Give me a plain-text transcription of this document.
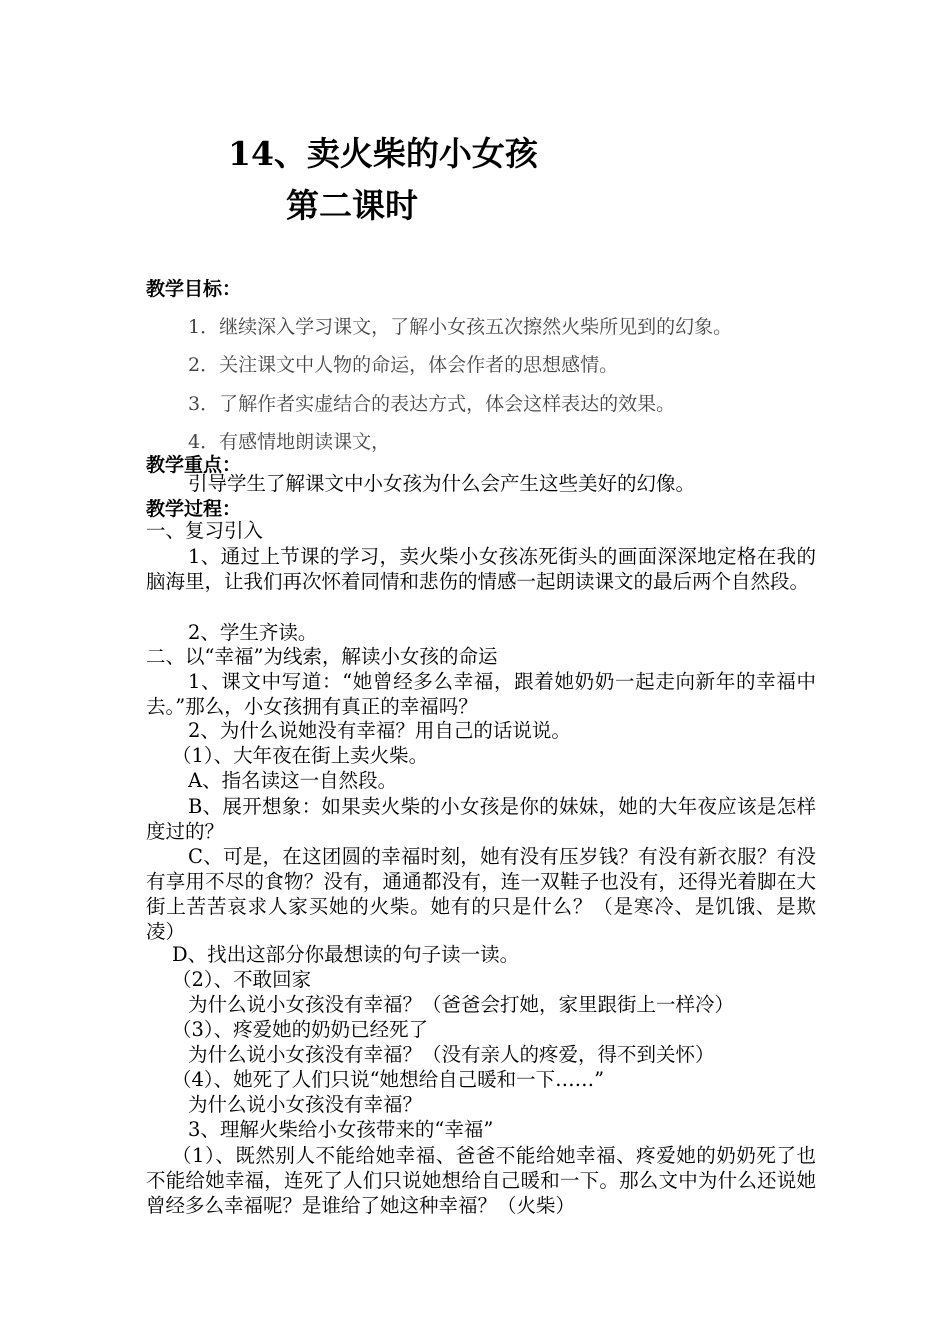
14、卖火柴的小女孩
第二课时
教学目标：
1．继续深入学习课文，了解小女孩五次擦然火柴所见到的幻象。
2．关注课文中人物的命运，体会作者的思想感情。
3．了解作者实虚结合的表达方式，体会这样表达的效果。
4．有感情地朗读课文，
教学重点：
引导学生了解课文中小女孩为什么会产生这些美好的幻像。
教学过程：
一、复习引入
1、通过上节课的学习，卖火柴小女孩冻死街头的画面深深地定格在我的脑海里，让我们再次怀着同情和悲伤的情感一起朗读课文的最后两个自然段。
2、学生齐读。
二、以“幸福”为线索，解读小女孩的命运
1、课文中写道：“她曾经多么幸福，跟着她奶奶一起走向新年的幸福中去。”那么，小女孩拥有真正的幸福吗？
2、为什么说她没有幸福？用自己的话说说。
（1）、大年夜在街上卖火柴。
A、指名读这一自然段。
B、展开想象：如果卖火柴的小女孩是你的妹妹，她的大年夜应该是怎样度过的？
C、可是，在这团圆的幸福时刻，她有没有压岁钱？有没有新衣服？有没有享用不尽的食物？没有，通通都没有，连一双鞋子也没有，还得光着脚在大街上苦苦哀求人家买她的火柴。她有的只是什么？（是寒冷、是饥饿、是欺凌）
D、找出这部分你最想读的句子读一读。
（2）、不敢回家
为什么说小女孩没有幸福？（爸爸会打她，家里跟街上一样冷）
（3）、疼爱她的奶奶已经死了
为什么说小女孩没有幸福？（没有亲人的疼爱，得不到关怀）
（4）、她死了人们只说“她想给自己暖和一下……”
为什么说小女孩没有幸福？
3、理解火柴给小女孩带来的“幸福”
（1）、既然别人不能给她幸福、爸爸不能给她幸福、疼爱她的奶奶死了也不能给她幸福，连死了人们只说她想给自己暖和一下。那么文中为什么还说她曾经多么幸福呢？是谁给了她这种幸福？（火柴）
